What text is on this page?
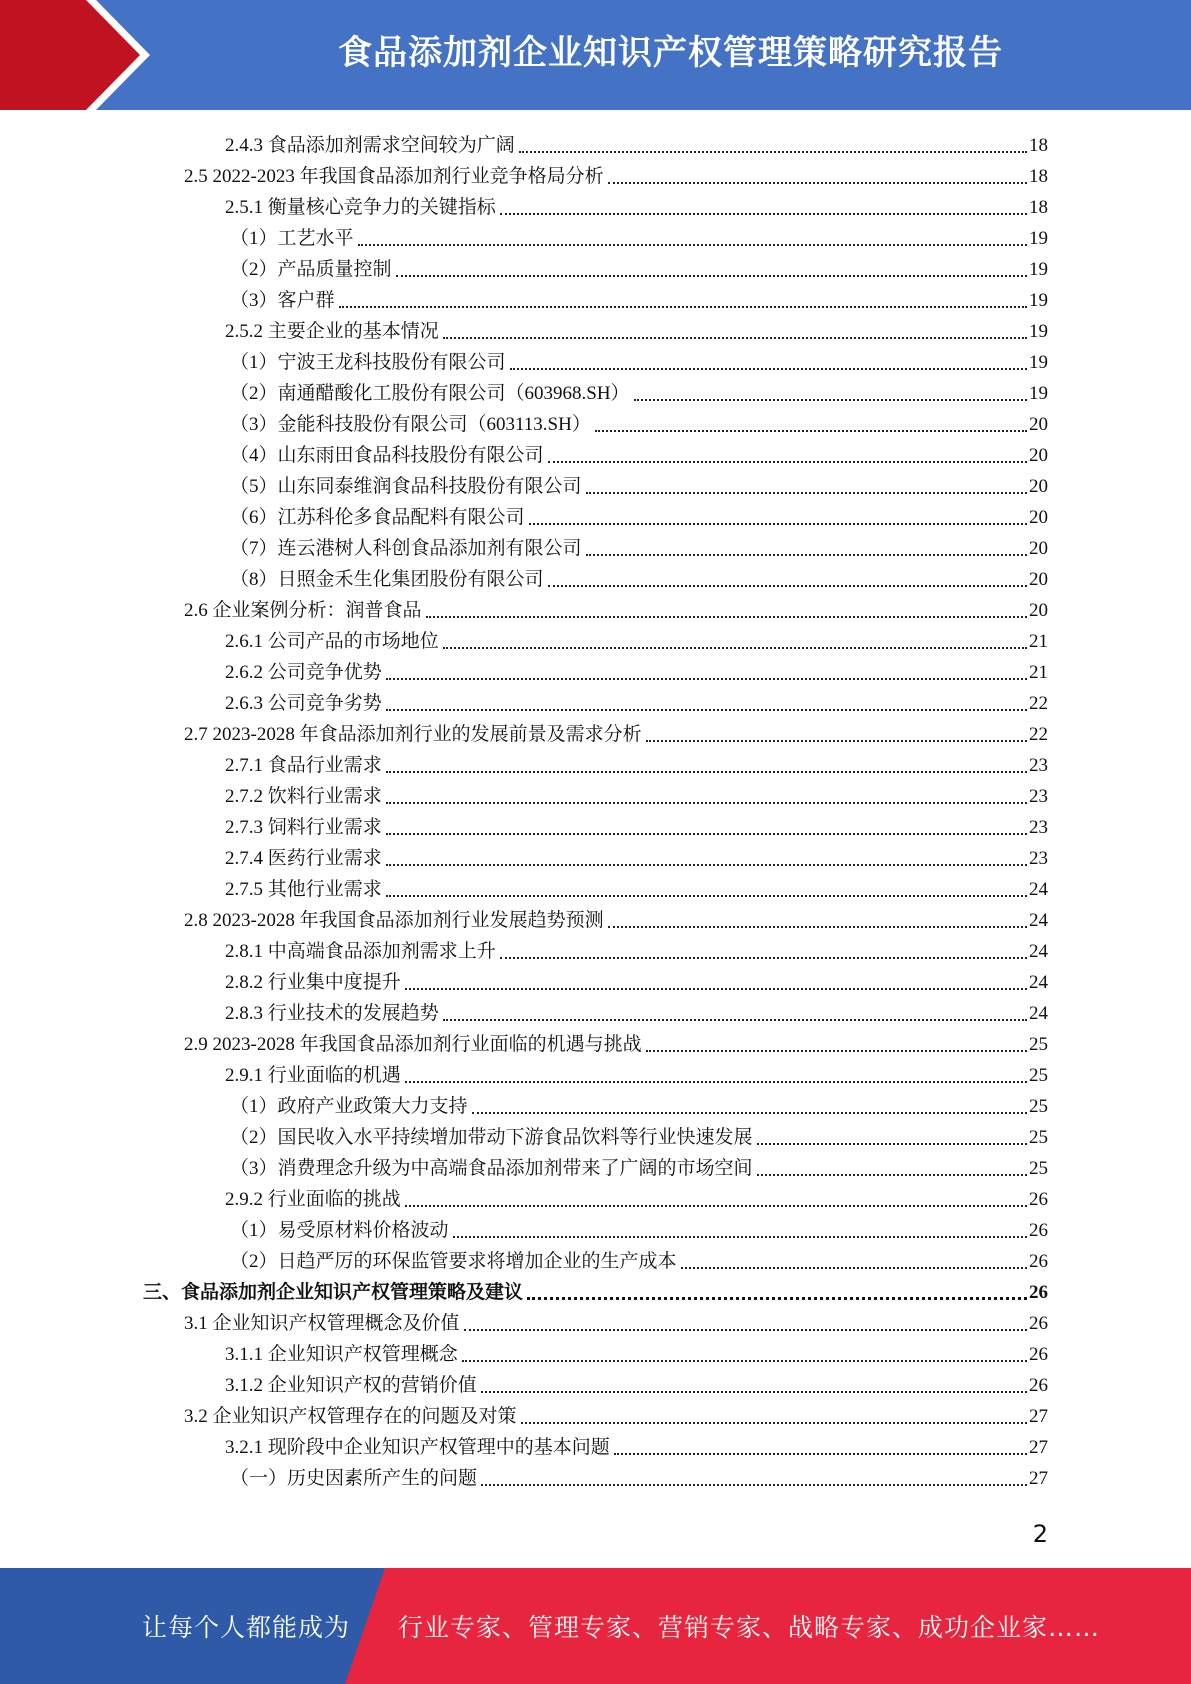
食品添加剂企业知识产权管理策略研究报告
2.4.3 食品添加剂需求空间较为广阔	18
2.5 2022-2023 年我国食品添加剂行业竞争格局分析	18
2.5.1 衡量核心竞争力的关键指标	18
（1）工艺水平	19
（2）产品质量控制	19
（3）客户群	19
2.5.2 主要企业的基本情况	19
（1）宁波王龙科技股份有限公司	19
（2）南通醋酸化工股份有限公司（603968.SH）	19
（3）金能科技股份有限公司（603113.SH）	20
（4）山东雨田食品科技股份有限公司	20
（5）山东同泰维润食品科技股份有限公司	20
（6）江苏科伦多食品配料有限公司	20
（7）连云港树人科创食品添加剂有限公司	20
（8）日照金禾生化集团股份有限公司	20
2.6 企业案例分析：润普食品	20
2.6.1 公司产品的市场地位	21
2.6.2 公司竞争优势	21
2.6.3 公司竞争劣势	22
2.7 2023-2028 年食品添加剂行业的发展前景及需求分析	22
2.7.1 食品行业需求	23
2.7.2 饮料行业需求	23
2.7.3 饲料行业需求	23
2.7.4 医药行业需求	23
2.7.5 其他行业需求	24
2.8 2023-2028 年我国食品添加剂行业发展趋势预测	24
2.8.1 中高端食品添加剂需求上升	24
2.8.2 行业集中度提升	24
2.8.3 行业技术的发展趋势	24
2.9 2023-2028 年我国食品添加剂行业面临的机遇与挑战	25
2.9.1 行业面临的机遇	25
（1）政府产业政策大力支持	25
（2）国民收入水平持续增加带动下游食品饮料等行业快速发展	25
（3）消费理念升级为中高端食品添加剂带来了广阔的市场空间	25
2.9.2 行业面临的挑战	26
（1）易受原材料价格波动	26
（2）日趋严厉的环保监管要求将增加企业的生产成本	26
三、食品添加剂企业知识产权管理策略及建议	26
3.1 企业知识产权管理概念及价值	26
3.1.1 企业知识产权管理概念	26
3.1.2 企业知识产权的营销价值	26
3.2 企业知识产权管理存在的问题及对策	27
3.2.1 现阶段中企业知识产权管理中的基本问题	27
（一）历史因素所产生的问题	27
2
让每个人都能成为 行业专家、管理专家、营销专家、战略专家、成功企业家……
